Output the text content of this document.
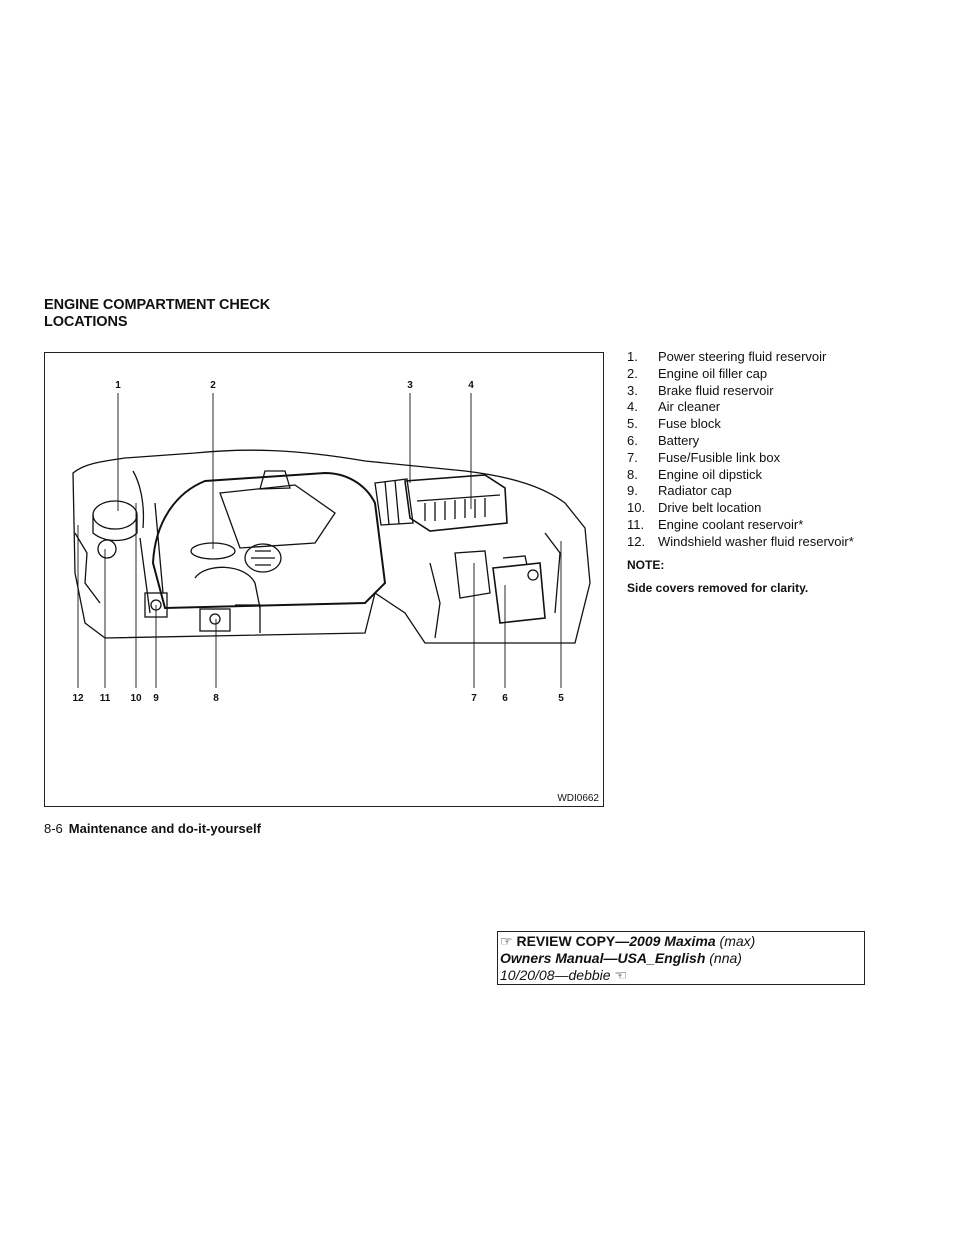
ENGINE COMPARTMENT CHECK
LOCATIONS
1	2	3	4
12	11	10	9	8	7	6	5
WDI0662
1. Power steering fluid reservoir
2. Engine oil filler cap
3. Brake fluid reservoir
4. Air cleaner
5. Fuse block
6. Battery
7. Fuse/Fusible link box
8. Engine oil dipstick
9. Radiator cap
10. Drive belt location
11. Engine coolant reservoir*
12. Windshield washer fluid reservoir*
NOTE:
Side covers removed for clarity.
8-6 Maintenance and do-it-yourself
☞ REVIEW COPY—2009 Maxima (max)
Owners Manual—USA_English (nna)
10/20/08—debbie ☜
